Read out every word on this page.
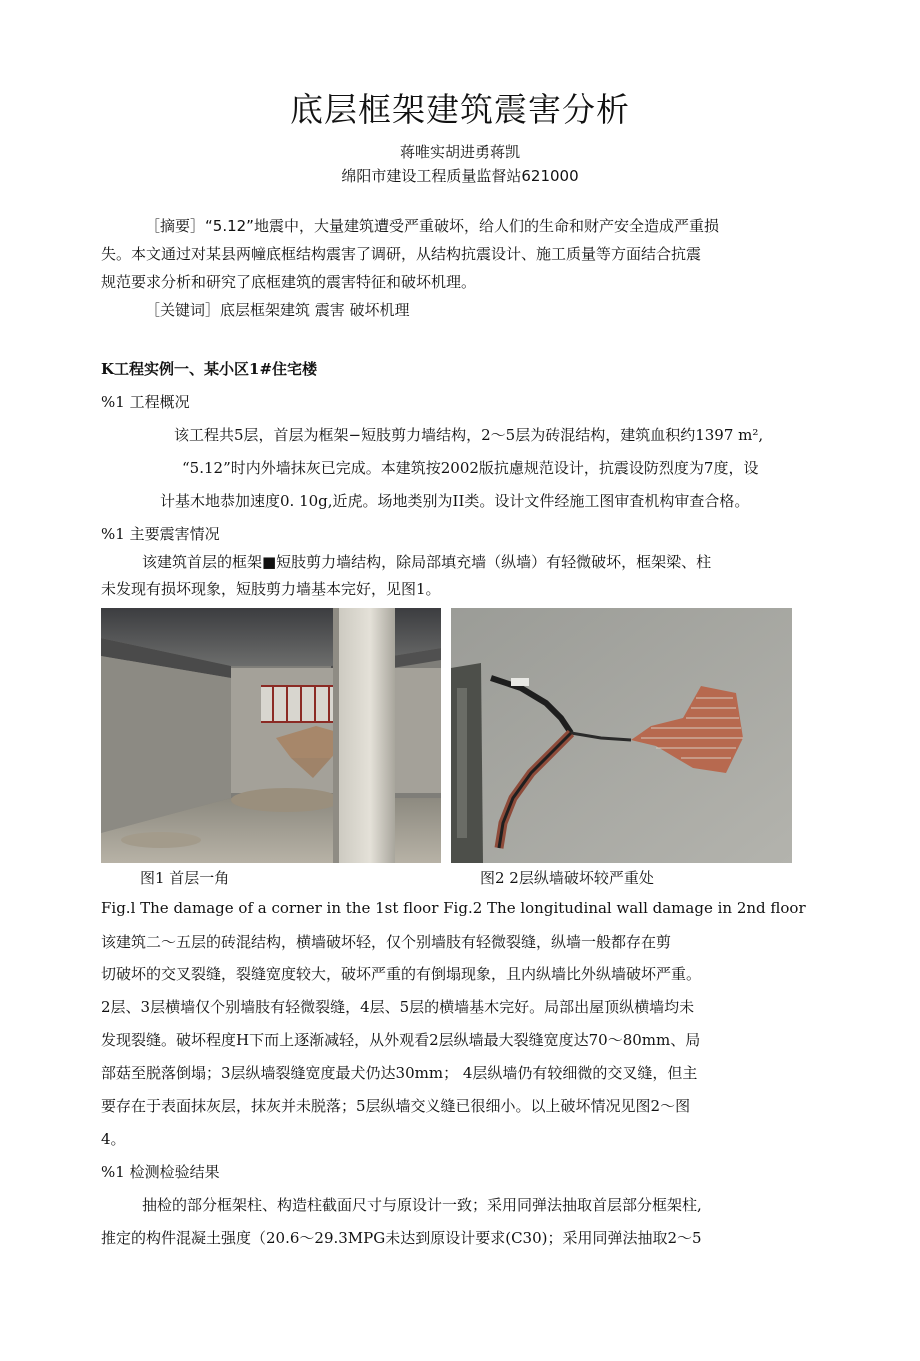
底层框架建筑震害分析
蒋唯实胡进勇蒋凯
绵阳市建设工程质量监督站621000
［摘要］“5.12”地震中，大量建筑遭受严重破坏，给人们的生命和财产安全造成严重损
失。本文通过对某县两幢底框结构震害了调研，从结构抗震设计、施工质量等方面结合抗震
规范要求分析和研究了底框建筑的震害特征和破坏机理。
［关键词］底层框架建筑 震害 破坏机理
K工程实例一、某小区1#住宅楼
%1 工程概况
该工程共5层，首层为框架−短肢剪力墙结构，2〜5层为砖混结构，建筑血积约1397 m²,
“5.12”时内外墙抹灰已完成。本建筑按2002版抗慮规范设计，抗震设防烈度为7度，设
计基木地恭加速度0. 10g,近虎。场地类别为II类。设计文件经施工图审査机构审查合格。
%1 主要震害情况
该建筑首层的框架■短肢剪力墙结构，除局部填充墙（纵墙）有轻微破坏，框架梁、柱
未发现有损坏现象，短肢剪力墙基本完好，见图1。
图1 首层一角	图2 2层纵墙破坏较严重处
Fig.l The damage of a corner in the 1st floor Fig.2 The longitudinal wall damage in 2nd floor
该建筑二〜五层的砖混结构，横墙破坏轻，仅个别墙肢有轻微裂缝，纵墙一般都存在剪
切破坏的交叉裂缝，裂缝宽度较大，破坏严重的有倒塌现象，且内纵墙比外纵墙破坏严重。
2层、3层横墙仅个别墙肢有轻微裂缝，4层、5层的横墙基木完好。局部出屋顶纵横墙均未
发现裂缝。破坏程度H下而上逐渐减轻，从外观看2层纵墙最大裂缝宽度达70〜80mm、局
部菇至脱落倒塌；3层纵墙裂缝宽度最犬仍达30mm； 4层纵墙仍有较细微的交叉缝，但主
要存在于表面抹灰层，抹灰并未脱落；5层纵墙交义缝已很细小。以上破坏情况见图2〜图
4。
%1 检测检验结果
抽检的部分框架柱、构造柱截面尺寸与原设计一致；采用同弹法抽取首层部分框架柱,
推定的构件混凝土强度（20.6〜29.3MPG未达到原设计要求(C30)；采用同弹法抽取2〜5
